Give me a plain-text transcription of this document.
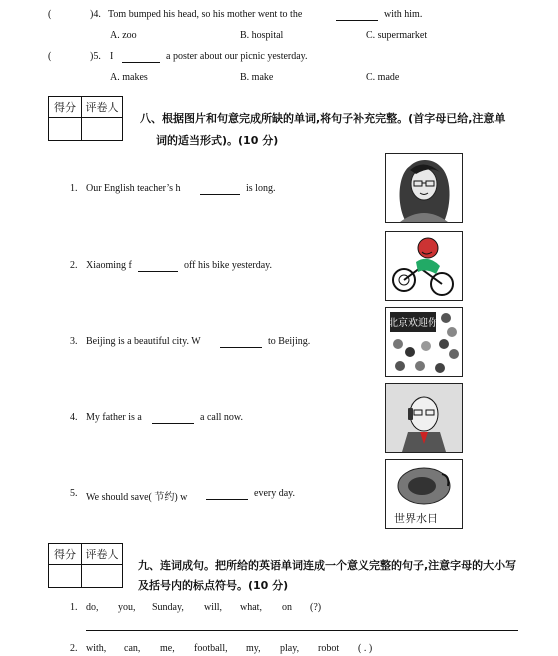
(	)4. Tom bumped his head, so his mother went to the	with him.
A. zoo	B. hospital	C. supermarket
(	)5. I	a poster about our picnic yesterday.
A. makes	B. make	C. made
得分	评卷人

八、根据图片和句意完成所缺的单词,将句子补充完整。(首字母已给,注意单
词的适当形式)。(10 分)
1. Our English teacher’s h	is long.
2. Xiaoming f	off his bike yesterday.
3. Beijing is a beautiful city. W	to Beijing.
4. My father is a	a call now.
5. We should save( 节约) w	every day.
北京欢迎你
世界水日
得分	评卷人

九、连词成句。把所给的英语单词连成一个意义完整的句子,注意字母的大小写
及括号内的标点符号。(10 分)
1. do, you, Sunday, will, what, on (?)
2. with, can, me, football, my, play, robot ( . )
